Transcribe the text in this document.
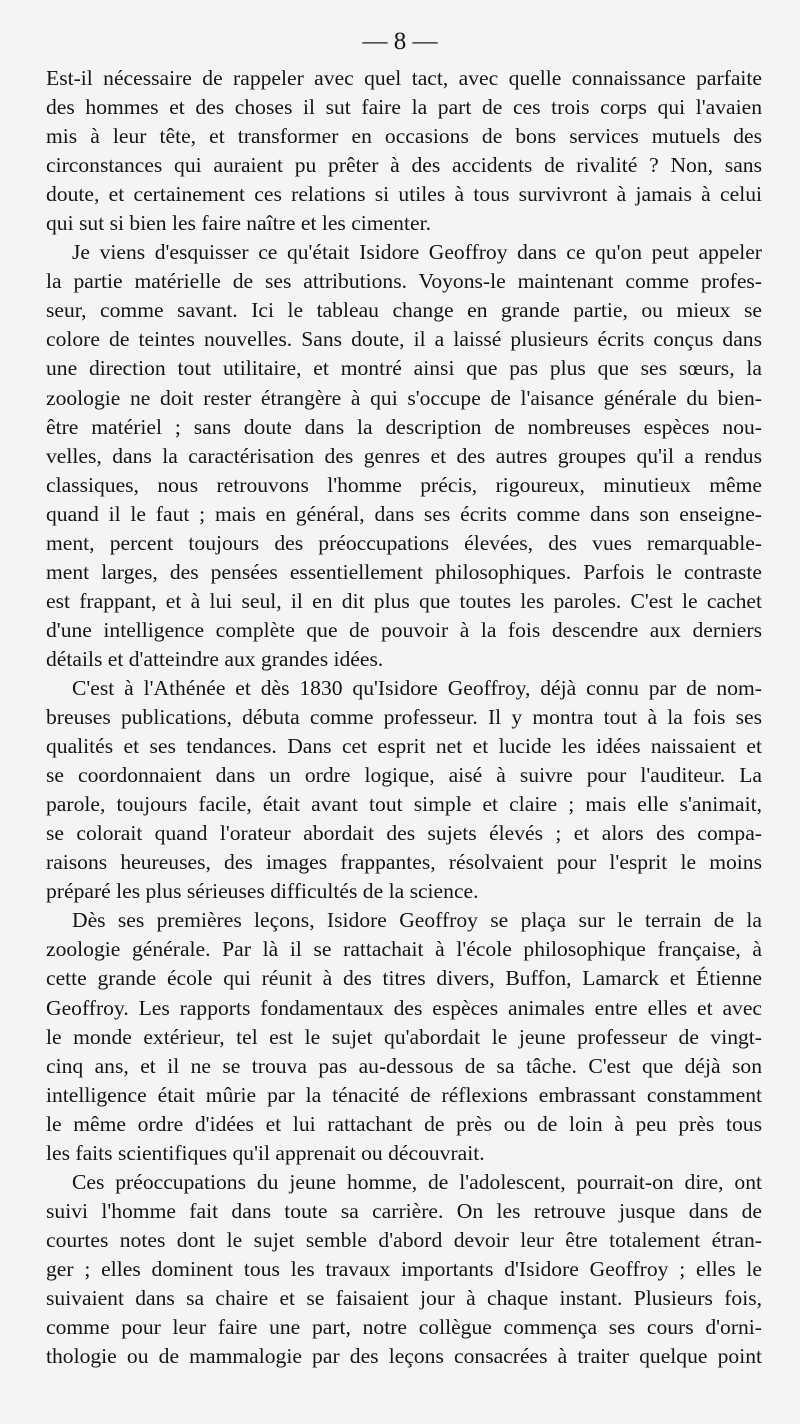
— 8 —
Est-il nécessaire de rappeler avec quel tact, avec quelle connaissance parfaite
des hommes et des choses il sut faire la part de ces trois corps qui l'avaien
mis à leur tête, et transformer en occasions de bons services mutuels des
circonstances qui auraient pu prêter à des accidents de rivalité ? Non, sans
doute, et certainement ces relations si utiles à tous survivront à jamais à celui
qui sut si bien les faire naître et les cimenter.
Je viens d'esquisser ce qu'était Isidore Geoffroy dans ce qu'on peut appeler
la partie matérielle de ses attributions. Voyons-le maintenant comme profes-
seur, comme savant. Ici le tableau change en grande partie, ou mieux se
colore de teintes nouvelles. Sans doute, il a laissé plusieurs écrits conçus dans
une direction tout utilitaire, et montré ainsi que pas plus que ses sœurs, la
zoologie ne doit rester étrangère à qui s'occupe de l'aisance générale du bien-
être matériel ; sans doute dans la description de nombreuses espèces nou-
velles, dans la caractérisation des genres et des autres groupes qu'il a rendus
classiques, nous retrouvons l'homme précis, rigoureux, minutieux même
quand il le faut ; mais en général, dans ses écrits comme dans son enseigne-
ment, percent toujours des préoccupations élevées, des vues remarquable-
ment larges, des pensées essentiellement philosophiques. Parfois le contraste
est frappant, et à lui seul, il en dit plus que toutes les paroles. C'est le cachet
d'une intelligence complète que de pouvoir à la fois descendre aux derniers
détails et d'atteindre aux grandes idées.
C'est à l'Athénée et dès 1830 qu'Isidore Geoffroy, déjà connu par de nom-
breuses publications, débuta comme professeur. Il y montra tout à la fois ses
qualités et ses tendances. Dans cet esprit net et lucide les idées naissaient et
se coordonnaient dans un ordre logique, aisé à suivre pour l'auditeur. La
parole, toujours facile, était avant tout simple et claire ; mais elle s'animait,
se colorait quand l'orateur abordait des sujets élevés ; et alors des compa-
raisons heureuses, des images frappantes, résolvaient pour l'esprit le moins
préparé les plus sérieuses difficultés de la science.
Dès ses premières leçons, Isidore Geoffroy se plaça sur le terrain de la
zoologie générale. Par là il se rattachait à l'école philosophique française, à
cette grande école qui réunit à des titres divers, Buffon, Lamarck et Étienne
Geoffroy. Les rapports fondamentaux des espèces animales entre elles et avec
le monde extérieur, tel est le sujet qu'abordait le jeune professeur de vingt-
cinq ans, et il ne se trouva pas au-dessous de sa tâche. C'est que déjà son
intelligence était mûrie par la ténacité de réflexions embrassant constamment
le même ordre d'idées et lui rattachant de près ou de loin à peu près tous
les faits scientifiques qu'il apprenait ou découvrait.
Ces préoccupations du jeune homme, de l'adolescent, pourrait-on dire, ont
suivi l'homme fait dans toute sa carrière. On les retrouve jusque dans de
courtes notes dont le sujet semble d'abord devoir leur être totalement étran-
ger ; elles dominent tous les travaux importants d'Isidore Geoffroy ; elles le
suivaient dans sa chaire et se faisaient jour à chaque instant. Plusieurs fois,
comme pour leur faire une part, notre collègue commença ses cours d'orni-
thologie ou de mammalogie par des leçons consacrées à traiter quelque point
